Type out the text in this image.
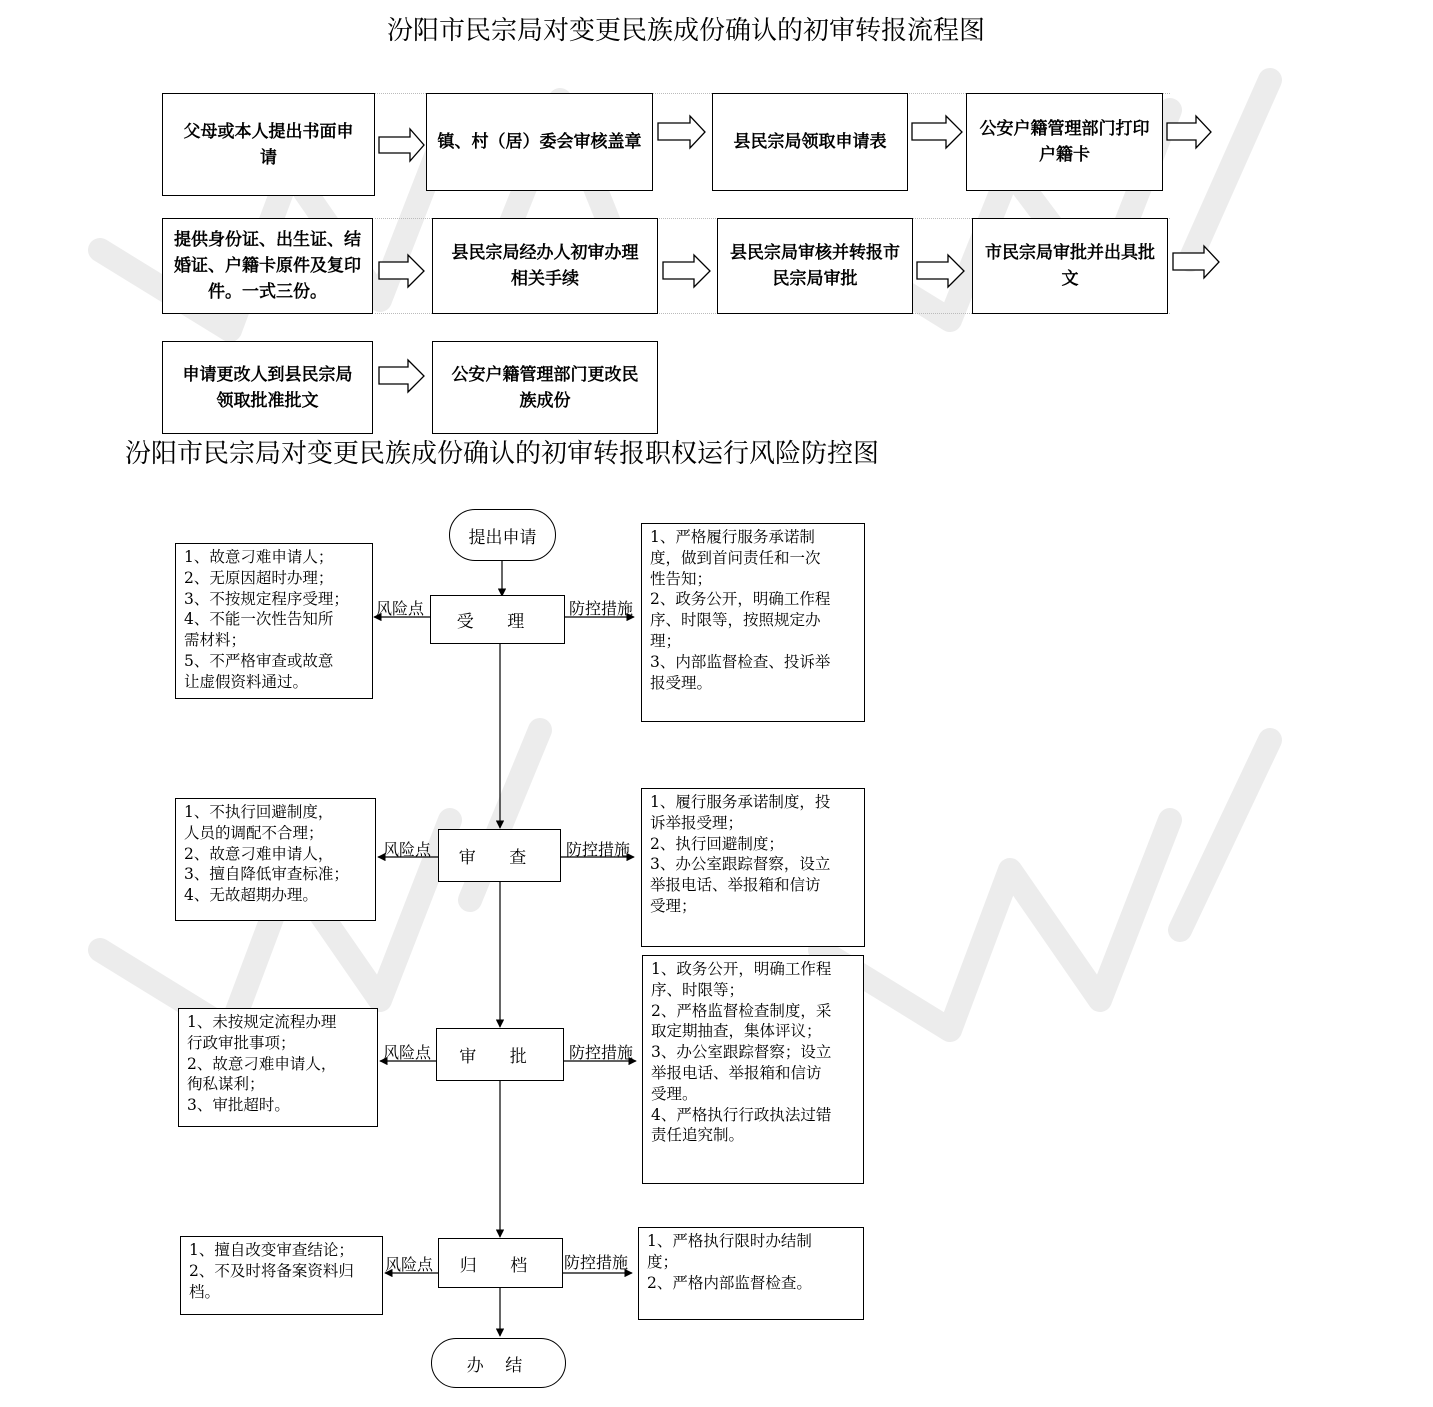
汾阳市民宗局对变更民族成份确认的初审转报流程图
汾阳市民宗局对变更民族成份确认的初审转报职权运行风险防控图
父母或本人提出书面申
请
镇、村（居）委会审核盖章	县民宗局领取申请表
公安户籍管理部门打印
户籍卡
提供身份证、出生证、结
婚证、户籍卡原件及复印
件。一式三份。
县民宗局经办人初审办理
相关手续
县民宗局审核并转报市
民宗局审批
市民宗局审批并出具批
文
申请更改人到县民宗局
领取批准批文
公安户籍管理部门更改民
族成份
提出申请
办 结
受 理
审 查
审 批
归 档
风险点	防控措施
风险点	防控措施
风险点	防控措施
风险点	防控措施
1、故意刁难申请人；
2、无原因超时办理；
3、不按规定程序受理；
4、不能一次性告知所
需材料；
5、不严格审查或故意
让虚假资料通过。
1、不执行回避制度，
人员的调配不合理；
2、故意刁难申请人，
3、擅自降低审查标准；
4、无故超期办理。
1、未按规定流程办理
行政审批事项；
2、故意刁难申请人，
徇私谋利；
3、审批超时。
1、擅自改变审查结论；
2、不及时将备案资料归
档。
1、严格履行服务承诺制
度，做到首问责任和一次
性告知；
2、政务公开，明确工作程
序、时限等，按照规定办
理；
3、内部监督检查、投诉举
报受理。
1、履行服务承诺制度，投
诉举报受理；
2、执行回避制度；
3、办公室跟踪督察，设立
举报电话、举报箱和信访
受理；
1、政务公开，明确工作程
序、时限等；
2、严格监督检查制度，采
取定期抽查，集体评议；
3、办公室跟踪督察；设立
举报电话、举报箱和信访
受理。
4、严格执行行政执法过错
责任追究制。
1、严格执行限时办结制
度；
2、严格内部监督检查。
